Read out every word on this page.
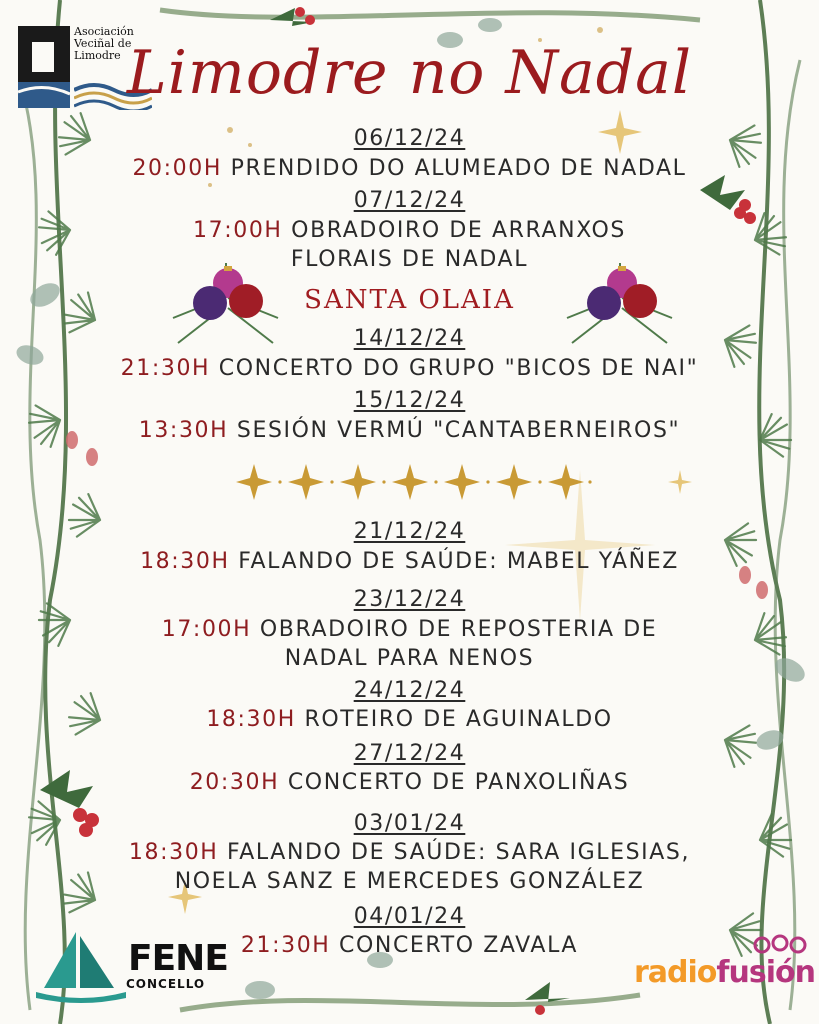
Asociación
Veciñal de
Limodre Limodre no Nadal
06/12/24
20:00H PRENDIDO DO ALUMEADO DE NADAL
07/12/24
17:00H OBRADOIRO DE ARRANXOS
FLORAIS DE NADAL
SANTA OLAIA
14/12/24
21:30H CONCERTO DO GRUPO "BICOS DE NAI"
15/12/24
13:30H SESIÓN VERMÚ "CANTABERNEIROS"
21/12/24
18:30H FALANDO DE SAÚDE: MABEL YÁÑEZ
23/12/24
17:00H OBRADOIRO DE REPOSTERIA DE
NADAL PARA NENOS
24/12/24
18:30H ROTEIRO DE AGUINALDO
27/12/24
20:30H CONCERTO DE PANXOLIÑAS
03/01/24
18:30H FALANDO DE SAÚDE: SARA IGLESIAS,
NOELA SANZ E MERCEDES GONZÁLEZ
04/01/24
21:30H CONCERTO ZAVALA
FENE
CONCELLO	radiofusión
